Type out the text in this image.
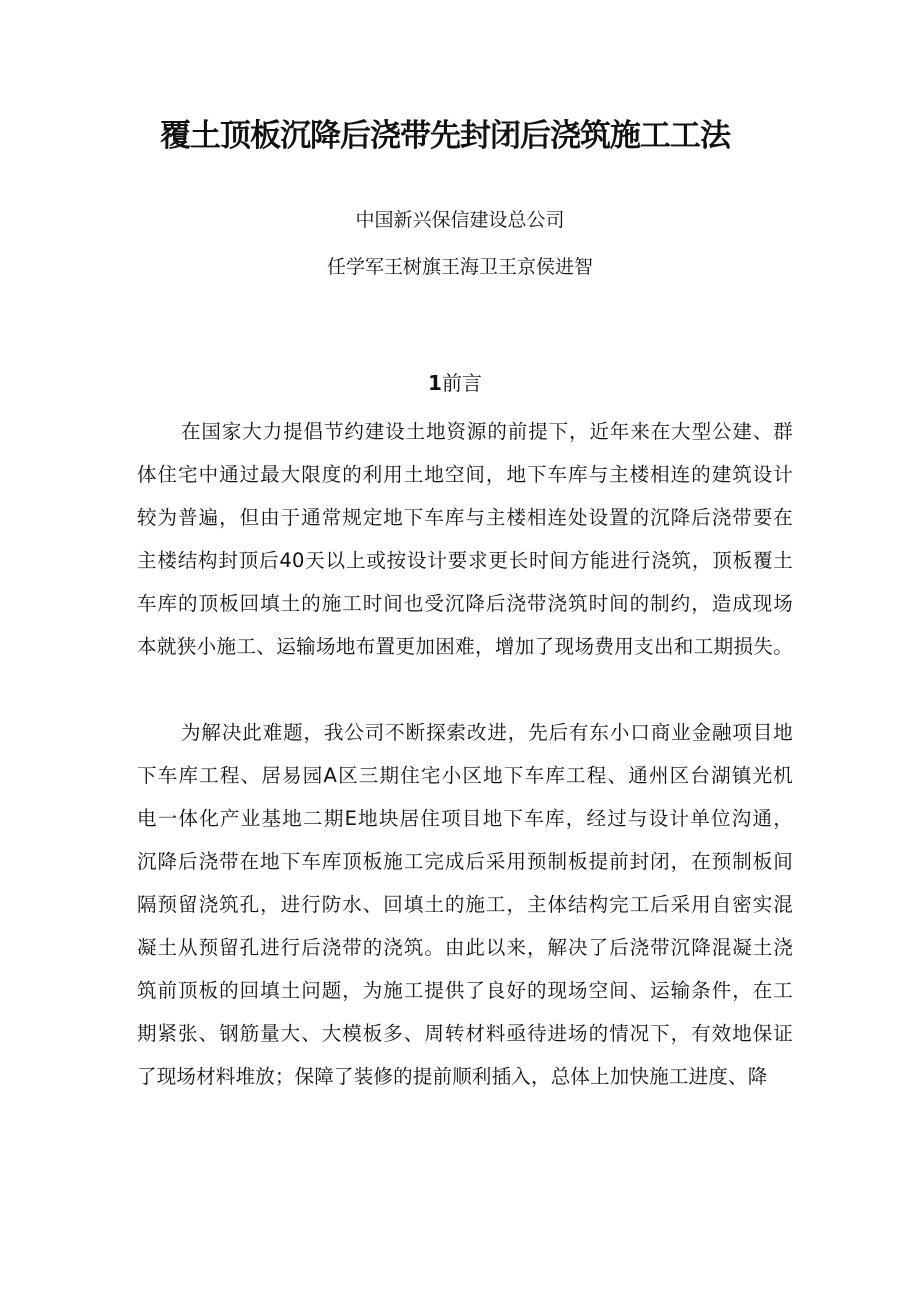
覆土顶板沉降后浇带先封闭后浇筑施工工法
中国新兴保信建设总公司
任学军王树旗王海卫王京侯进智
1前言
在国家大力提倡节约建设土地资源的前提下，近年来在大型公建、群
体住宅中通过最大限度的利用土地空间，地下车库与主楼相连的建筑设计
较为普遍，但由于通常规定地下车库与主楼相连处设置的沉降后浇带要在
主楼结构封顶后40天以上或按设计要求更长时间方能进行浇筑，顶板覆土
车库的顶板回填土的施工时间也受沉降后浇带浇筑时间的制约，造成现场
本就狭小施工、运输场地布置更加困难，增加了现场费用支出和工期损失。
为解决此难题，我公司不断探索改进，先后有东小口商业金融项目地
下车库工程、居易园A区三期住宅小区地下车库工程、通州区台湖镇光机
电一体化产业基地二期E地块居住项目地下车库，经过与设计单位沟通，
沉降后浇带在地下车库顶板施工完成后采用预制板提前封闭，在预制板间
隔预留浇筑孔，进行防水、回填土的施工，主体结构完工后采用自密实混
凝土从预留孔进行后浇带的浇筑。由此以来，解决了后浇带沉降混凝土浇
筑前顶板的回填土问题，为施工提供了良好的现场空间、运输条件，在工
期紧张、钢筋量大、大模板多、周转材料亟待进场的情况下，有效地保证
了现场材料堆放；保障了装修的提前顺利插入，总体上加快施工进度、降
